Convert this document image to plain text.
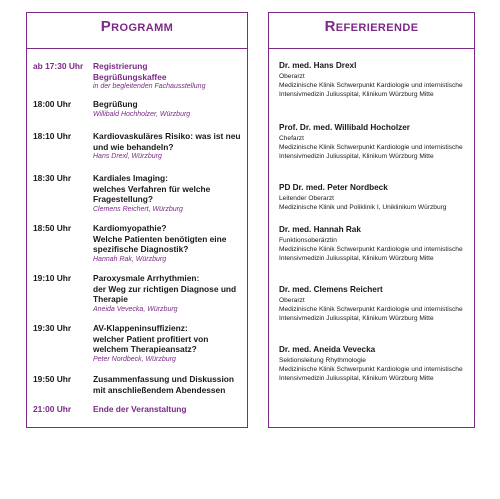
Programm
ab 17:30 Uhr	Registrierung
Begrüßungskaffee
in der begleitenden Fachausstellung
18:00 Uhr	Begrüßung
Willibald Hochholzer, Würzburg
18:10 Uhr	Kardiovaskuläres Risiko: was ist neu und wie behandeln?
Hans Drexl, Würzburg
18:30 Uhr	Kardiales Imaging:
welches Verfahren für welche Fragestellung?
Clemens Reichert, Würzburg
18:50 Uhr	Kardiomyopathie?
Welche Patienten benötigten eine spezifische Diagnostik?
Hannah Rak, Würzburg
19:10 Uhr	Paroxysmale Arrhythmien:
der Weg zur richtigen Diagnose und Therapie
Aneida Vevecka, Würzburg
19:30 Uhr	AV-Klappeninsuffizienz:
welcher Patient profitiert von welchem Therapieansatz?
Peter Nordbeck, Würzburg
19:50 Uhr	Zusammenfassung und Diskussion mit anschließendem Abendessen
21:00 Uhr	Ende der Veranstaltung
Referierende
Dr. med. Hans Drexl
Oberarzt
Medizinische Klinik Schwerpunkt Kardiologie und internistische Intensivmedizin Juliusspital, Klinikum Würzburg Mitte
Prof. Dr. med. Willibald Hocholzer
Chefarzt
Medizinische Klinik Schwerpunkt Kardiologie und internistische Intensivmedizin Juliusspital, Klinikum Würzburg Mitte
PD Dr. med. Peter Nordbeck
Leitender Oberarzt
Medizinische Klinik und Poliklinik I, Uniklinikum Würzburg
Dr. med. Hannah Rak
Funktionsoberärztin
Medizinische Klinik Schwerpunkt Kardiologie und internistische Intensivmedizin Juliusspital, Klinikum Würzburg Mitte
Dr. med. Clemens Reichert
Oberarzt
Medizinische Klinik Schwerpunkt Kardiologie und internistische Intensivmedizin Juliusspital, Klinikum Würzburg Mitte
Dr. med. Aneida Vevecka
Sektionsleitung Rhythmologie
Medizinische Klinik Schwerpunkt Kardiologie und internistische Intensivmedizin Juliusspital, Klinikum Würzburg Mitte
